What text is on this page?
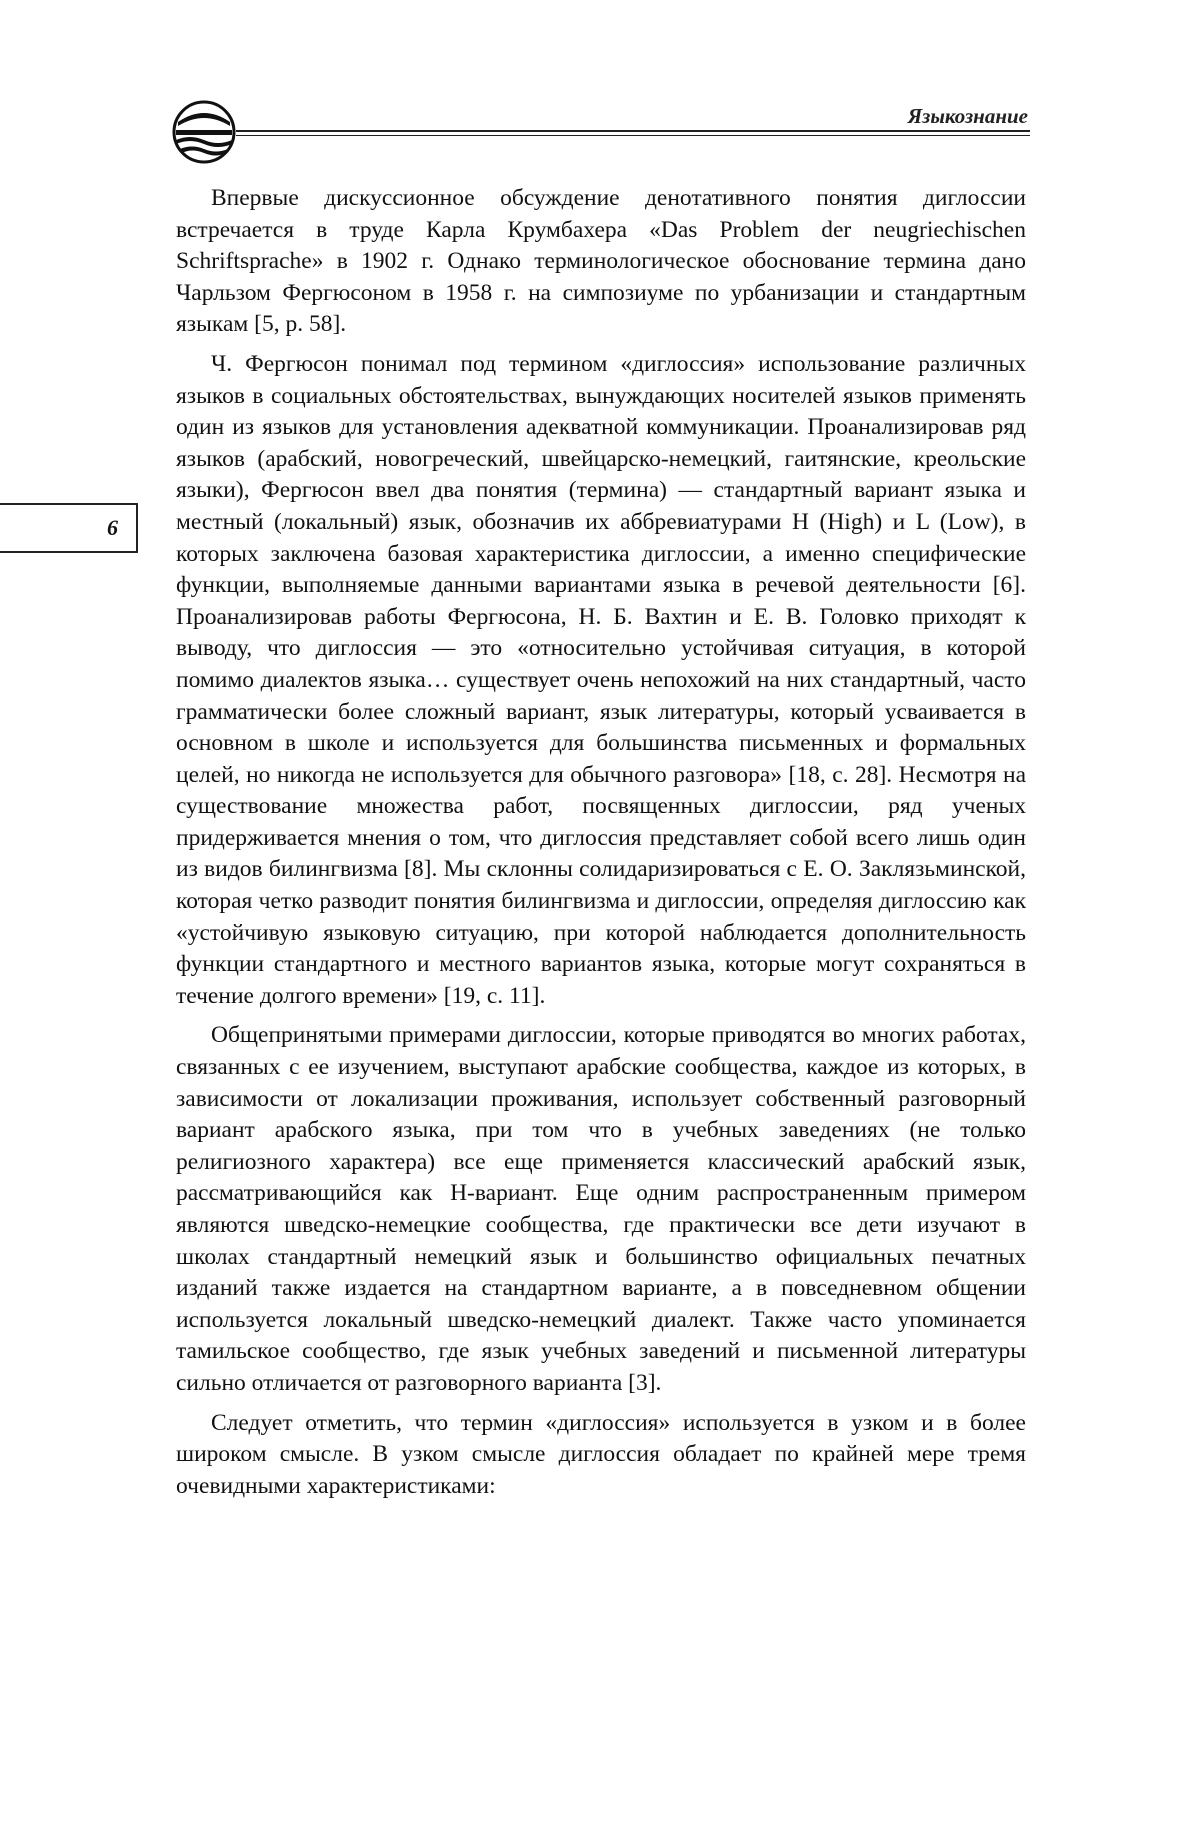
Языкознание
6

Впервые дискуссионное обсуждение денотативного понятия диглоссии встречается в труде Карла Крумбахера «Das Problem der neugriechischen Schriftsprache» в 1902 г. Однако терминологическое обоснование термина дано Чарльзом Фергюсоном в 1958 г. на симпозиуме по урбанизации и стандартным языкам [5, p. 58].

Ч. Фергюсон понимал под термином «диглоссия» использование различных языков в социальных обстоятельствах, вынуждающих носителей языков применять один из языков для установления адекватной коммуникации. Проанализировав ряд языков (арабский, новогреческий, швейцарско-немецкий, гаитянские, креольские языки), Фергюсон ввел два понятия (термина) — стандартный вариант языка и местный (локальный) язык, обозначив их аббревиатурами H (High) и L (Low), в которых заключена базовая характеристика диглоссии, а именно специфические функции, выполняемые данными вариантами языка в речевой деятельности [6]. Проанализировав работы Фергюсона, Н. Б. Вахтин и Е. В. Головко приходят к выводу, что диглоссия — это «относительно устойчивая ситуация, в которой помимо диалектов языка… существует очень непохожий на них стандартный, часто грамматически более сложный вариант, язык литературы, который усваивается в основном в школе и используется для большинства письменных и формальных целей, но никогда не используется для обычного разговора» [18, с. 28]. Несмотря на существование множества работ, посвященных диглоссии, ряд ученых придерживается мнения о том, что диглоссия представляет собой всего лишь один из видов билингвизма [8]. Мы склонны солидаризироваться с Е. О. Заклязьминской, которая четко разводит понятия билингвизма и диглоссии, определяя диглоссию как «устойчивую языковую ситуацию, при которой наблюдается дополнительность функции стандартного и местного вариантов языка, которые могут сохраняться в течение долгого времени» [19, с. 11].

Общепринятыми примерами диглоссии, которые приводятся во многих работах, связанных с ее изучением, выступают арабские сообщества, каждое из которых, в зависимости от локализации проживания, использует собственный разговорный вариант арабского языка, при том что в учебных заведениях (не только религиозного характера) все еще применяется классический арабский язык, рассматривающийся как H-вариант. Еще одним распространенным примером являются шведско-немецкие сообщества, где практически все дети изучают в школах стандартный немецкий язык и большинство официальных печатных изданий также издается на стандартном варианте, а в повседневном общении используется локальный шведско-немецкий диалект. Также часто упоминается тамильское сообщество, где язык учебных заведений и письменной литературы сильно отличается от разговорного варианта [3].

Следует отметить, что термин «диглоссия» используется в узком и в более широком смысле. В узком смысле диглоссия обладает по крайней мере тремя очевидными характеристиками:
